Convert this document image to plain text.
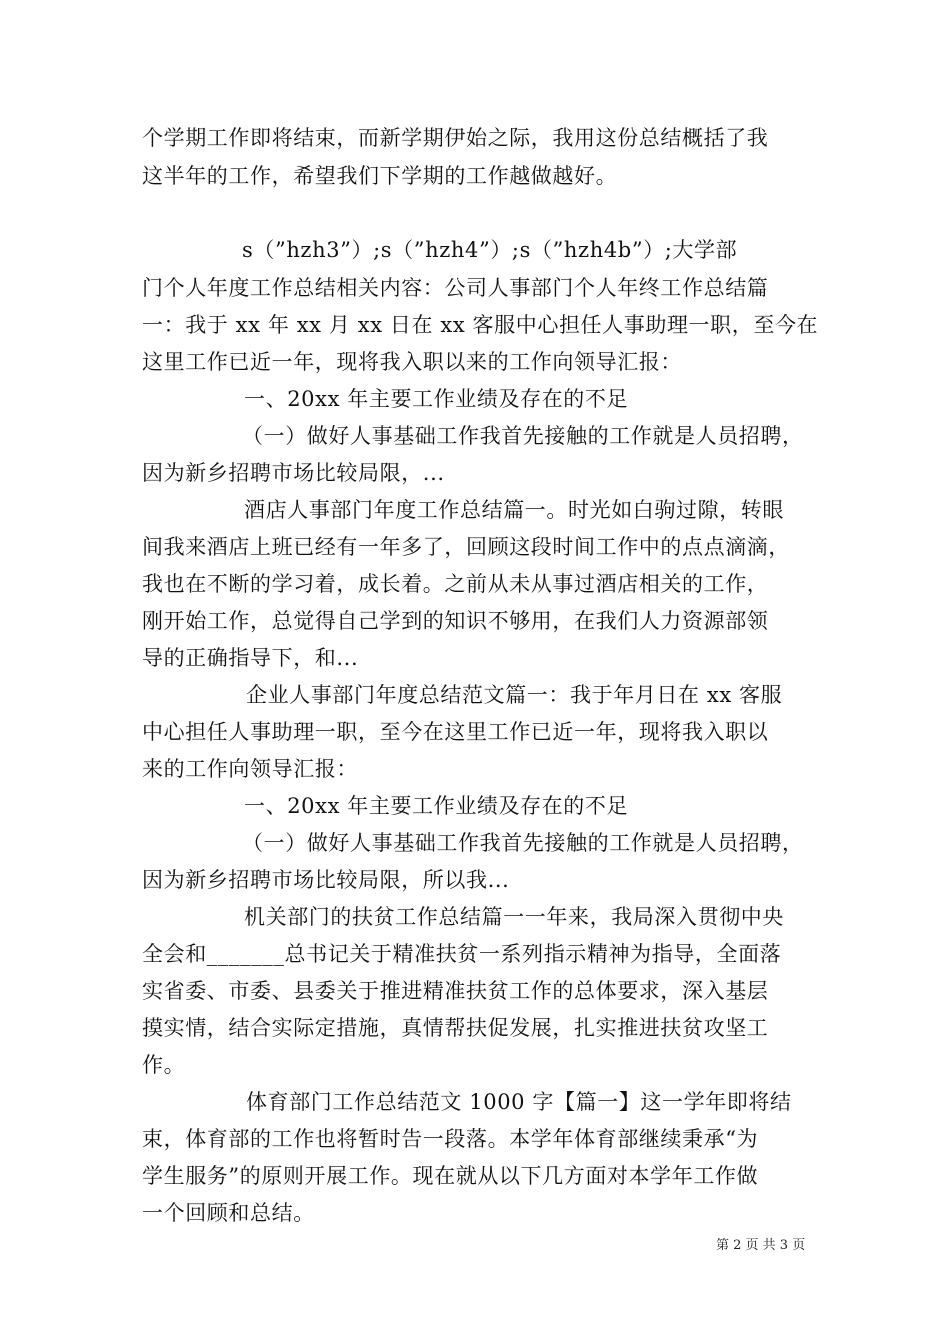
个学期工作即将结束，而新学期伊始之际，我用这份总结概括了我
这半年的工作，希望我们下学期的工作越做越好。
s（”hzh3”）;s（”hzh4”）;s（”hzh4b”）;大学部
门个人年度工作总结相关内容：公司人事部门个人年终工作总结篇
一：我于 xx 年 xx 月 xx 日在 xx 客服中心担任人事助理一职，至今在
这里工作已近一年，现将我入职以来的工作向领导汇报：
一、20xx 年主要工作业绩及存在的不足
（一）做好人事基础工作我首先接触的工作就是人员招聘，
因为新乡招聘市场比较局限，...
酒店人事部门年度工作总结篇一。时光如白驹过隙，转眼
间我来酒店上班已经有一年多了，回顾这段时间工作中的点点滴滴，
我也在不断的学习着，成长着。之前从未从事过酒店相关的工作，
刚开始工作，总觉得自己学到的知识不够用，在我们人力资源部领
导的正确指导下，和...
企业人事部门年度总结范文篇一：我于年月日在 xx 客服
中心担任人事助理一职，至今在这里工作已近一年，现将我入职以
来的工作向领导汇报：
一、20xx 年主要工作业绩及存在的不足
（一）做好人事基础工作我首先接触的工作就是人员招聘，
因为新乡招聘市场比较局限，所以我...
机关部门的扶贫工作总结篇一一年来，我局深入贯彻中央
全会和_______总书记关于精准扶贫一系列指示精神为指导，全面落
实省委、市委、县委关于推进精准扶贫工作的总体要求，深入基层
摸实情，结合实际定措施，真情帮扶促发展，扎实推进扶贫攻坚工
作。
体育部门工作总结范文 1000 字【篇一】这一学年即将结
束，体育部的工作也将暂时告一段落。本学年体育部继续秉承“为
学生服务”的原则开展工作。现在就从以下几方面对本学年工作做
一个回顾和总结。
第 2 页 共 3 页
